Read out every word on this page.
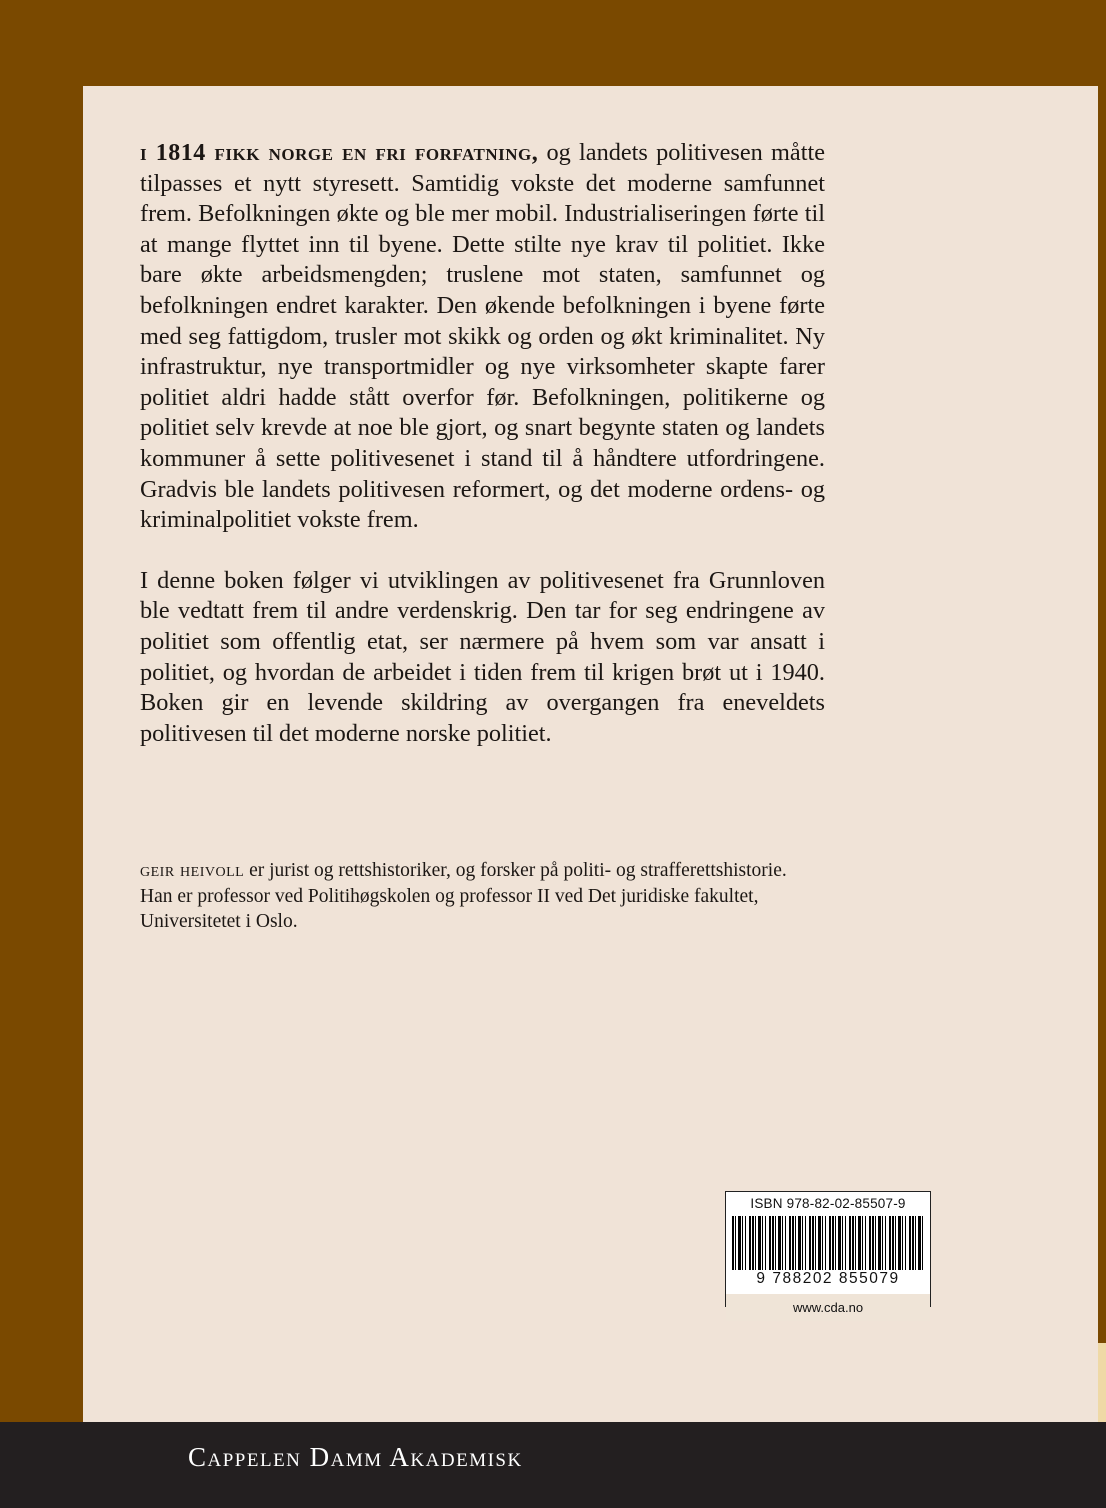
i 1814 fikk norge en fri forfatning, og landets politivesen måtte tilpasses et nytt styresett. Samtidig vokste det moderne samfunnet frem. Befolkningen økte og ble mer mobil. Industrialiseringen førte til at mange flyttet inn til byene. Dette stilte nye krav til politiet. Ikke bare økte arbeidsmengden; truslene mot staten, samfunnet og befolkningen endret karakter. Den økende befolkningen i byene førte med seg fattigdom, trusler mot skikk og orden og økt kriminalitet. Ny infrastruktur, nye transportmidler og nye virksomheter skapte farer politiet aldri hadde stått overfor før. Befolkningen, politikerne og politiet selv krevde at noe ble gjort, og snart begynte staten og landets kommuner å sette politivesenet i stand til å håndtere utfordringene. Gradvis ble landets politivesen reformert, og det moderne ordens- og kriminalpolitiet vokste frem.

I denne boken følger vi utviklingen av politivesenet fra Grunnloven ble vedtatt frem til andre verdenskrig. Den tar for seg endringene av politiet som offentlig etat, ser nærmere på hvem som var ansatt i politiet, og hvordan de arbeidet i tiden frem til krigen brøt ut i 1940. Boken gir en levende skildring av overgangen fra eneveldets politivesen til det moderne norske politiet.

geir heivoll er jurist og rettshistoriker, og forsker på politi- og strafferettshistorie. Han er professor ved Politihøgskolen og professor II ved Det juridiske fakultet, Universitetet i Oslo.

ISBN 978-82-02-85507-9
9 788202 855079
www.cda.no
Cappelen Damm Akademisk
